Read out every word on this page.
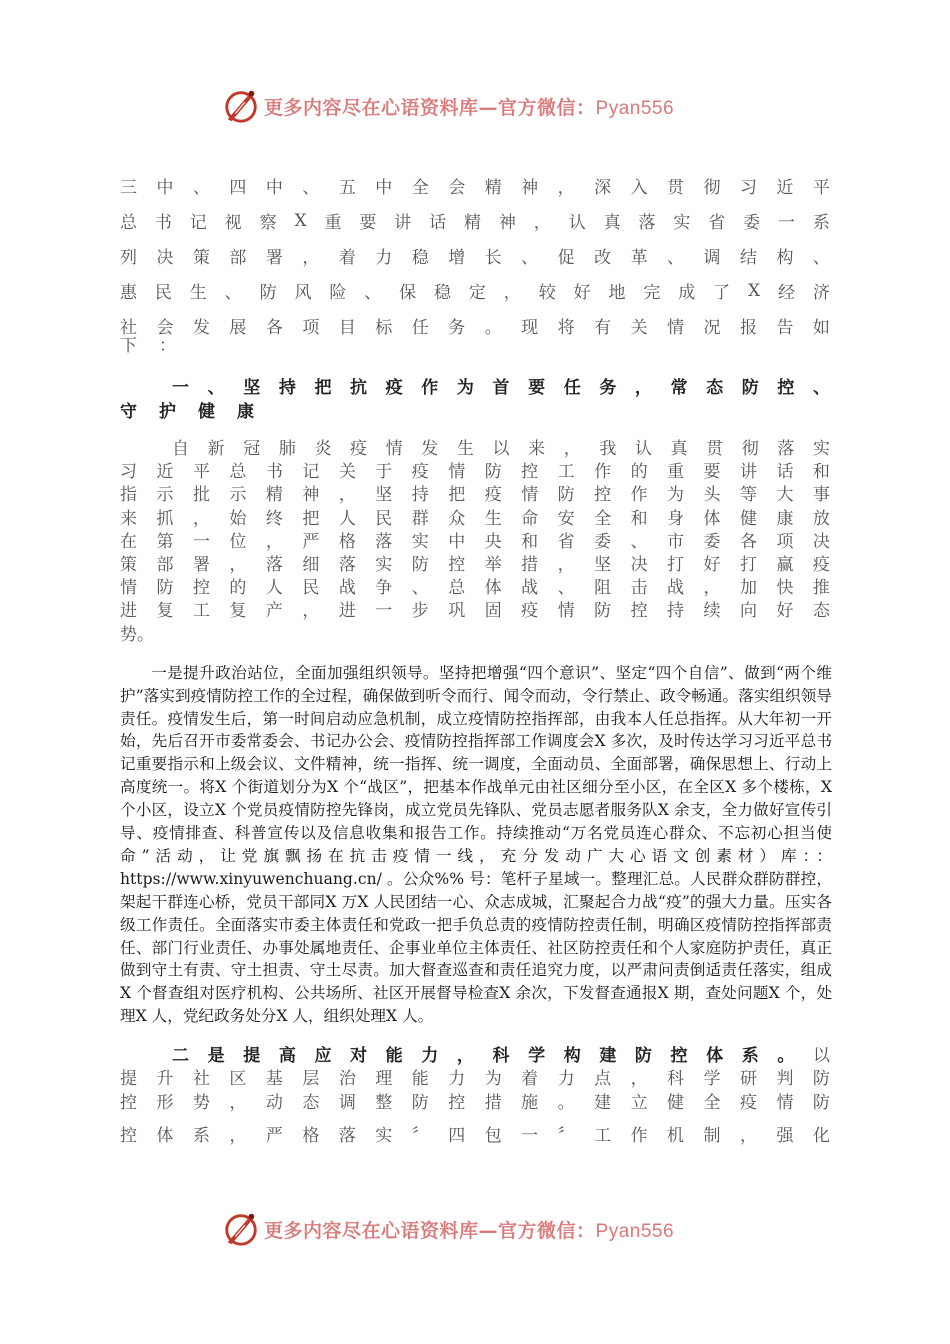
更多内容尽在心语资料库—官方微信：Pyan556
三 中 、 四 中 、 五 中 全 会 精 神 ， 深 入 贯 彻 习 近 平
总 书 记 视 察 X 重 要 讲 话 精 神 ， 认 真 落 实 省 委 一 系
列 决 策 部 署 ， 着 力 稳 增 长 、 促 改 革 、 调 结 构 、
惠 民 生 、 防 风 险 、 保 稳 定 ， 较 好 地 完 成 了 X 经 济
社 会 发 展 各 项 目 标 任 务 。 现 将 有 关 情 况 报 告 如
下 ：
一 、 坚 持 把 抗 疫 作 为 首 要 任 务 ， 常 态 防 控 、
守 护 健 康
自 新 冠 肺 炎 疫 情 发 生 以 来 ， 我 认 真 贯 彻 落 实
习 近 平 总 书 记 关 于 疫 情 防 控 工 作 的 重 要 讲 话 和
指 示 批 示 精 神 ， 坚 持 把 疫 情 防 控 作 为 头 等 大 事
来 抓 ， 始 终 把 人 民 群 众 生 命 安 全 和 身 体 健 康 放
在 第 一 位 ， 严 格 落 实 中 央 和 省 委 、 市 委 各 项 决
策 部 署 ， 落 细 落 实 防 控 举 措 ， 坚 决 打 好 打 赢 疫
情 防 控 的 人 民 战 争 、 总 体 战 、 阻 击 战 ， 加 快 推
进 复 工 复 产 ， 进 一 步 巩 固 疫 情 防 控 持 续 向 好 态
势 。
一是提升政治站位，全面加强组织领导。坚持把增强“四个意识”、坚定“四个自信”、做到“两个维护”落实到疫情防控工作的全过程，确保做到听令而行、闻令而动，令行禁止、政令畅通。落实组织领导责任。疫情发生后，第一时间启动应急机制，成立疫情防控指挥部，由我本人任总指挥。从大年初一开始，先后召开市委常委会、书记办公会、疫情防控指挥部工作调度会X 多次，及时传达学习习近平总书记重要指示和上级会议、文件精神，统一指挥、统一调度，全面动员、全面部署，确保思想上、行动上高度统一。将X 个街道划分为X 个“战区”，把基本作战单元由社区细分至小区，在全区X 多个楼栋，X 个小区，设立X 个党员疫情防控先锋岗，成立党员先锋队、党员志愿者服务队X 余支，全力做好宣传引导、疫情排查、科普宣传以及信息收集和报告工作。持续推动“万名党员连心群众、不忘初心担当使命”活动，让党旗飘扬在抗击疫情一线，充分发动广大心语文创素材）库：：https://www.xinyuwenchuang.cn/ 。公众%% 号：笔杆子星域一。整理汇总。人民群众群防群控，架起干群连心桥，党员干部同X 万X 人民团结一心、众志成城，汇聚起合力战“疫”的强大力量。压实各级工作责任。全面落实市委主体责任和党政一把手负总责的疫情防控责任制，明确区疫情防控指挥部责任、部门行业责任、办事处属地责任、企事业单位主体责任、社区防控责任和个人家庭防护责任，真正做到守土有责、守土担责、守土尽责。加大督查巡查和责任追究力度，以严肃问责倒适责任落实，组成X 个督查组对医疗机构、公共场所、社区开展督导检查X 余次，下发督查通报X 期，查处问题X 个，处理X 人，党纪政务处分X 人，组织处理X 人。
二 是 提 高 应 对 能 力 ， 科 学 构 建 防 控 体 系 。 以
提 升 社 区 基 层 治 理 能 力 为 着 力 点 ， 科 学 研 判 防
控 形 势 ， 动 态 调 整 防 控 措 施 。 建 立 健 全 疫 情 防
控 体 系 ， 严 格 落 实 〞 四 包 一 〞 工 作 机 制 ， 强 化
更多内容尽在心语资料库—官方微信：Pyan556
